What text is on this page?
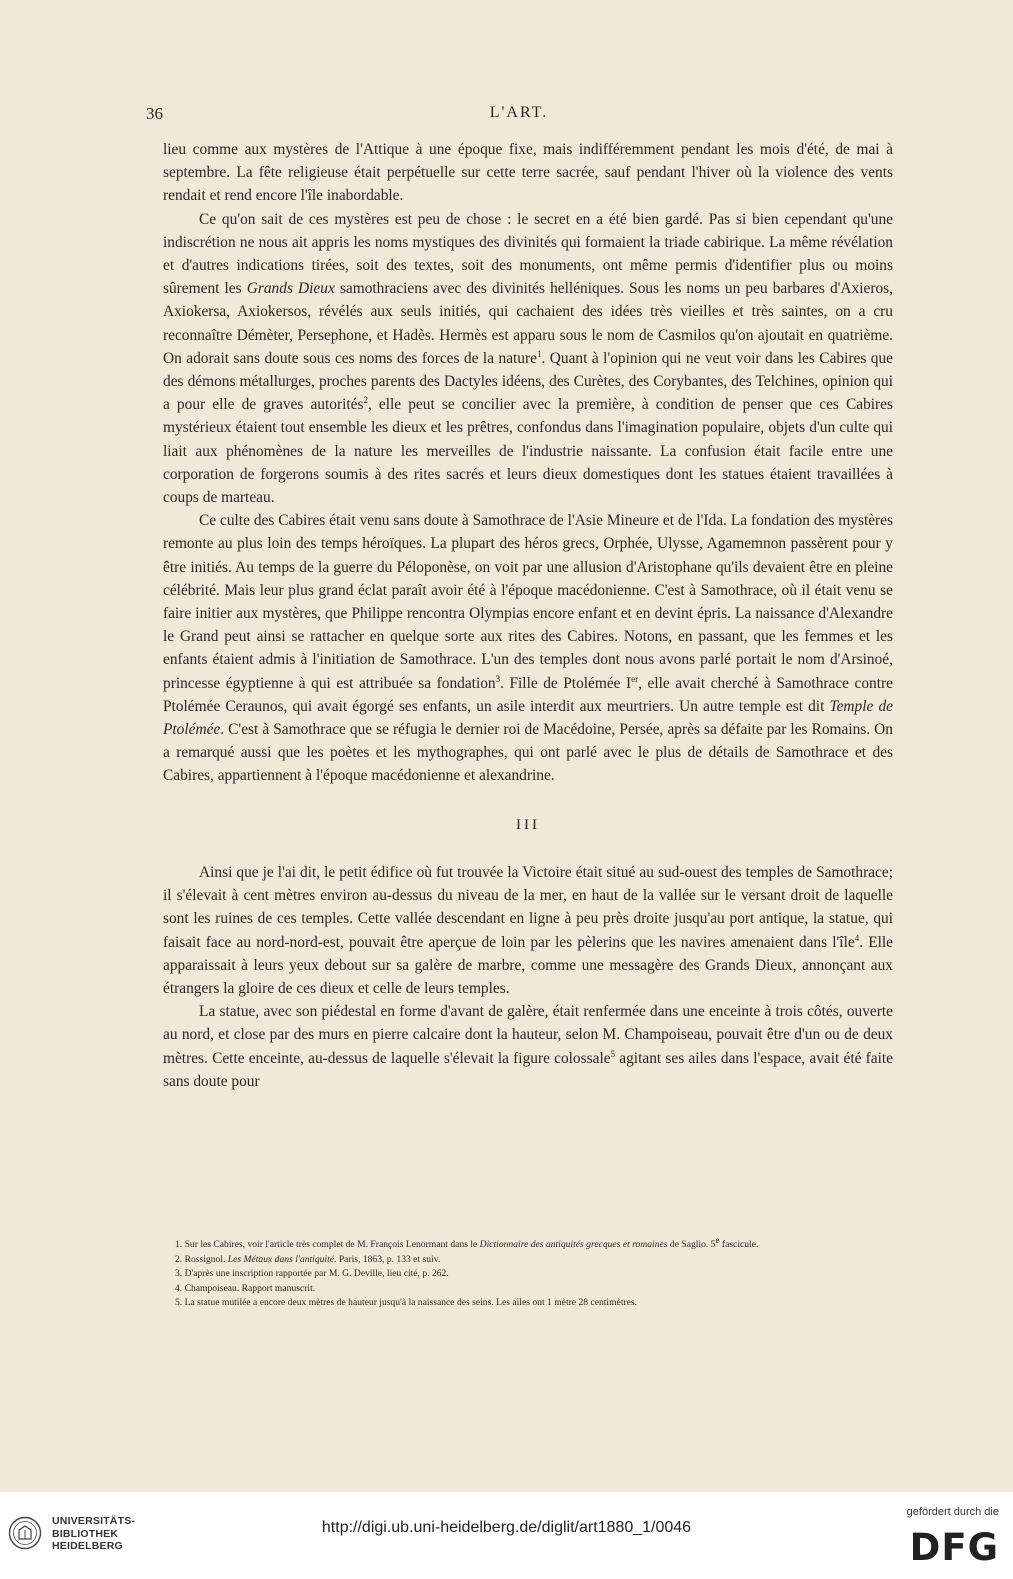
36	L'ART.

lieu comme aux mystères de l'Attique à une époque fixe, mais indifféremment pendant les mois d'été, de mai à septembre. La fête religieuse était perpétuelle sur cette terre sacrée, sauf pendant l'hiver où la violence des vents rendait et rend encore l'île inabordable.

Ce qu'on sait de ces mystères est peu de chose : le secret en a été bien gardé. Pas si bien cependant qu'une indiscrétion ne nous ait appris les noms mystiques des divinités qui formaient la triade cabirique. La même révélation et d'autres indications tirées, soit des textes, soit des monuments, ont même permis d'identifier plus ou moins sûrement les Grands Dieux samothraciens avec des divinités helléniques. Sous les noms un peu barbares d'Axieros, Axiokersa, Axiokersos, révélés aux seuls initiés, qui cachaient des idées très vieilles et très saintes, on a cru reconnaître Démèter, Persephone, et Hadès. Hermès est apparu sous le nom de Casmilos qu'on ajoutait en quatrième. On adorait sans doute sous ces noms des forces de la nature$^1$. Quant à l'opinion qui ne veut voir dans les Cabires que des démons métallurges, proches parents des Dactyles idéens, des Curètes, des Corybantes, des Telchines, opinion qui a pour elle de graves autorités$^2$, elle peut se concilier avec la première, à condition de penser que ces Cabires mystérieux étaient tout ensemble les dieux et les prêtres, confondus dans l'imagination populaire, objets d'un culte qui liait aux phénomènes de la nature les merveilles de l'industrie naissante. La confusion était facile entre une corporation de forgerons soumis à des rites sacrés et leurs dieux domestiques dont les statues étaient travaillées à coups de marteau.

Ce culte des Cabires était venu sans doute à Samothrace de l'Asie Mineure et de l'Ida. La fondation des mystères remonte au plus loin des temps héroïques. La plupart des héros grecs, Orphée, Ulysse, Agamemnon passèrent pour y être initiés. Au temps de la guerre du Péloponèse, on voit par une allusion d'Aristophane qu'ils devaient être en pleine célébrité. Mais leur plus grand éclat paraît avoir été à l'époque macédonienne. C'est à Samothrace, où il était venu se faire initier aux mystères, que Philippe rencontra Olympias encore enfant et en devint épris. La naissance d'Alexandre le Grand peut ainsi se rattacher en quelque sorte aux rites des Cabires. Notons, en passant, que les femmes et les enfants étaient admis à l'initiation de Samothrace. L'un des temples dont nous avons parlé portait le nom d'Arsinoé, princesse égyptienne à qui est attribuée sa fondation$^3$. Fille de Ptolémée Ier, elle avait cherché à Samothrace contre Ptolémée Ceraunos, qui avait égorgé ses enfants, un asile interdit aux meurtriers. Un autre temple est dit Temple de Ptolémée. C'est à Samothrace que se réfugia le dernier roi de Macédoine, Persée, après sa défaite par les Romains. On a remarqué aussi que les poètes et les mythographes, qui ont parlé avec le plus de détails de Samothrace et des Cabires, appartiennent à l'époque macédonienne et alexandrine.

III

Ainsi que je l'ai dit, le petit édifice où fut trouvée la Victoire était situé au sud-ouest des temples de Samothrace; il s'élevait à cent mètres environ au-dessus du niveau de la mer, en haut de la vallée sur le versant droit de laquelle sont les ruines de ces temples. Cette vallée descendant en ligne à peu près droite jusqu'au port antique, la statue, qui faisait face au nord-nord-est, pouvait être aperçue de loin par les pèlerins que les navires amenaient dans l'île$^4$. Elle apparaissait à leurs yeux debout sur sa galère de marbre, comme une messagère des Grands Dieux, annonçant aux étrangers la gloire de ces dieux et celle de leurs temples.

La statue, avec son piédestal en forme d'avant de galère, était renfermée dans une enceinte à trois côtés, ouverte au nord, et close par des murs en pierre calcaire dont la hauteur, selon M. Champoiseau, pouvait être d'un ou de deux mètres. Cette enceinte, au-dessus de laquelle s'élevait la figure colossale$^5$ agitant ses ailes dans l'espace, avait été faite sans doute pour

1. Sur les Cabires, voir l'article très complet de M. François Lenormant dans le Dictionnaire des antiquités grecques et romaines de Saglio. 5e fascicule.
2. Rossignol. Les Métaux dans l'antiquité. Paris, 1863, p. 133 et suiv.
3. D'après une inscription rapportée par M. G. Deville, lieu cité, p. 262.
4. Champoiseau. Rapport manuscrit.
5. La statue mutilée a encore deux mètres de hauteur jusqu'à la naissance des seins. Les ailes ont 1 mètre 28 centimètres.
UNIVERSITÄTS-
BIBLIOTHEK
HEIDELBERG
http://digi.ub.uni-heidelberg.de/diglit/art1880_1/0046
gefördert durch die
DFG
